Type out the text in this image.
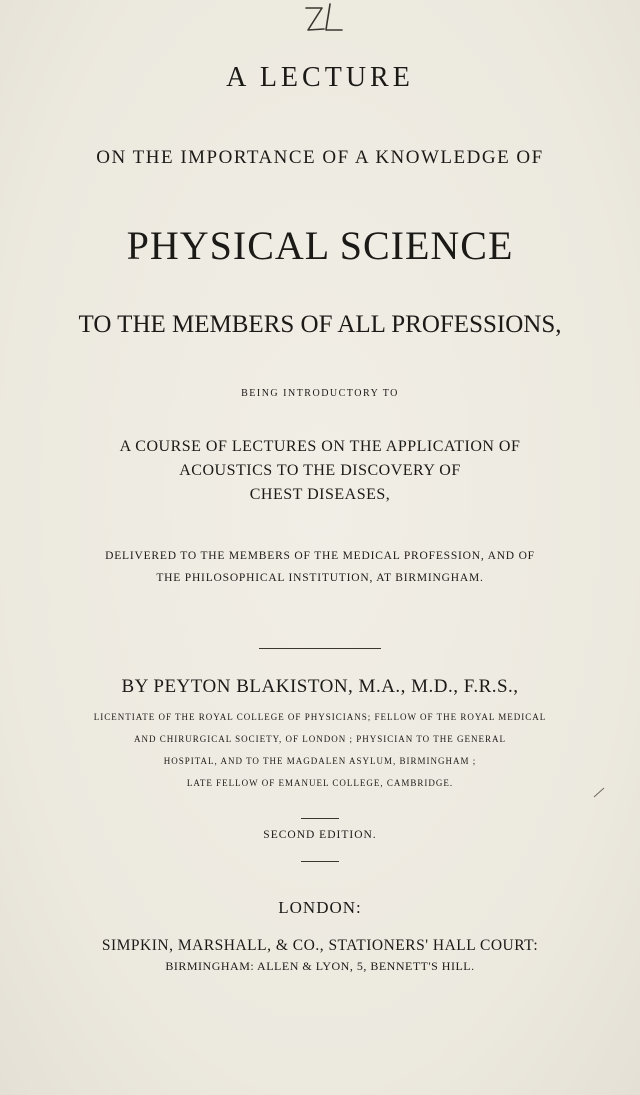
A LECTURE
ON THE IMPORTANCE OF A KNOWLEDGE OF
PHYSICAL SCIENCE
TO THE MEMBERS OF ALL PROFESSIONS,
BEING INTRODUCTORY TO
A COURSE OF LECTURES ON THE APPLICATION OF
ACOUSTICS TO THE DISCOVERY OF
CHEST DISEASES,
DELIVERED TO THE MEMBERS OF THE MEDICAL PROFESSION, AND OF
THE PHILOSOPHICAL INSTITUTION, AT BIRMINGHAM.
BY PEYTON BLAKISTON, M.A., M.D., F.R.S.,
LICENTIATE OF THE ROYAL COLLEGE OF PHYSICIANS; FELLOW OF THE ROYAL MEDICAL
AND CHIRURGICAL SOCIETY, OF LONDON ; PHYSICIAN TO THE GENERAL
HOSPITAL, AND TO THE MAGDALEN ASYLUM, BIRMINGHAM ;
LATE FELLOW OF EMANUEL COLLEGE, CAMBRIDGE.
SECOND EDITION.
LONDON:
SIMPKIN, MARSHALL, & CO., STATIONERS' HALL COURT:
BIRMINGHAM: ALLEN & LYON, 5, BENNETT'S HILL.
